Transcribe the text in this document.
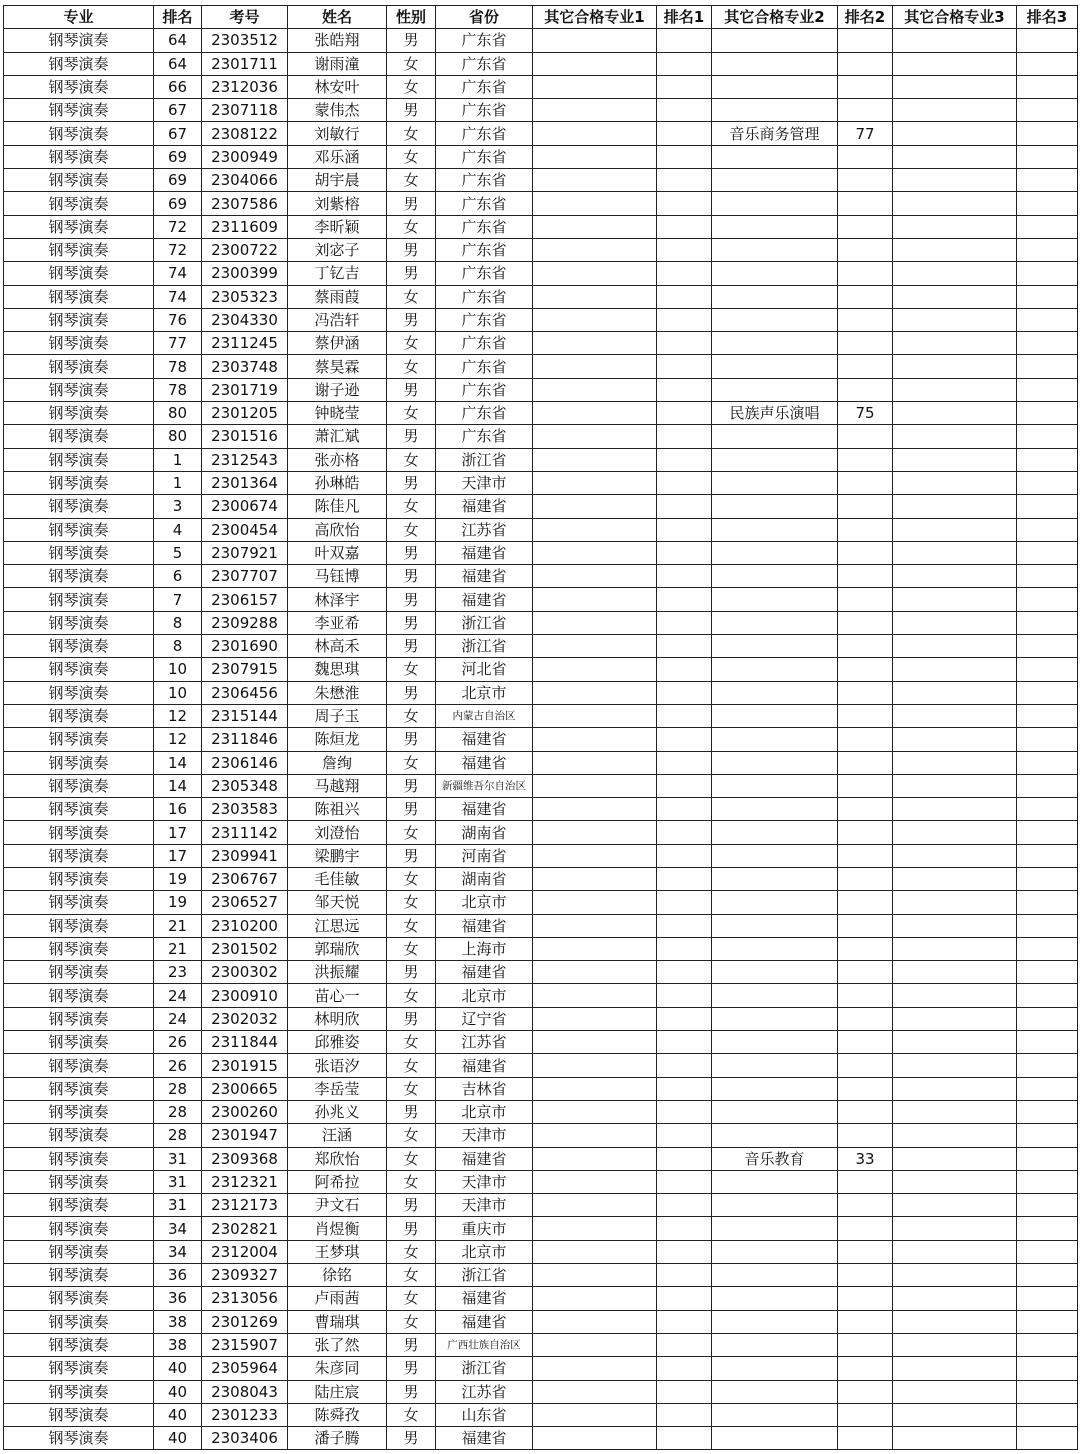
专业	排名	考号	姓名	性别	省份	其它合格专业1	排名1	其它合格专业2	排名2	其它合格专业3	排名3
钢琴演奏	64	2303512	张皓翔	男	广东省						
钢琴演奏	64	2301711	谢雨潼	女	广东省						
钢琴演奏	66	2312036	林安叶	女	广东省						
钢琴演奏	67	2307118	蒙伟杰	男	广东省						
钢琴演奏	67	2308122	刘敏行	女	广东省			音乐商务管理	77		
钢琴演奏	69	2300949	邓乐涵	女	广东省						
钢琴演奏	69	2304066	胡宇晨	女	广东省						
钢琴演奏	69	2307586	刘紫榕	男	广东省						
钢琴演奏	72	2311609	李昕颖	女	广东省						
钢琴演奏	72	2300722	刘宓子	男	广东省						
钢琴演奏	74	2300399	丁钇吉	男	广东省						
钢琴演奏	74	2305323	蔡雨葭	女	广东省						
钢琴演奏	76	2304330	冯浩轩	男	广东省						
钢琴演奏	77	2311245	蔡伊涵	女	广东省						
钢琴演奏	78	2303748	蔡昊霖	女	广东省						
钢琴演奏	78	2301719	谢子逊	男	广东省						
钢琴演奏	80	2301205	钟晓莹	女	广东省			民族声乐演唱	75		
钢琴演奏	80	2301516	萧汇斌	男	广东省						
钢琴演奏	1	2312543	张亦格	女	浙江省						
钢琴演奏	1	2301364	孙琳皓	男	天津市						
钢琴演奏	3	2300674	陈佳凡	女	福建省						
钢琴演奏	4	2300454	高欣怡	女	江苏省						
钢琴演奏	5	2307921	叶双嘉	男	福建省						
钢琴演奏	6	2307707	马钰博	男	福建省						
钢琴演奏	7	2306157	林泽宇	男	福建省						
钢琴演奏	8	2309288	李亚希	男	浙江省						
钢琴演奏	8	2301690	林高禾	男	浙江省						
钢琴演奏	10	2307915	魏思琪	女	河北省						
钢琴演奏	10	2306456	朱懋淮	男	北京市						
钢琴演奏	12	2315144	周子玉	女	内蒙古自治区						
钢琴演奏	12	2311846	陈烜龙	男	福建省						
钢琴演奏	14	2306146	詹绚	女	福建省						
钢琴演奏	14	2305348	马越翔	男	新疆维吾尔自治区						
钢琴演奏	16	2303583	陈祖兴	男	福建省						
钢琴演奏	17	2311142	刘澄怡	女	湖南省						
钢琴演奏	17	2309941	梁鹏宇	男	河南省						
钢琴演奏	19	2306767	毛佳敏	女	湖南省						
钢琴演奏	19	2306527	邹天悦	女	北京市						
钢琴演奏	21	2310200	江思远	女	福建省						
钢琴演奏	21	2301502	郭瑞欣	女	上海市						
钢琴演奏	23	2300302	洪振耀	男	福建省						
钢琴演奏	24	2300910	苗心一	女	北京市						
钢琴演奏	24	2302032	林明欣	男	辽宁省						
钢琴演奏	26	2311844	邱雅姿	女	江苏省						
钢琴演奏	26	2301915	张语汐	女	福建省						
钢琴演奏	28	2300665	李岳莹	女	吉林省						
钢琴演奏	28	2300260	孙兆义	男	北京市						
钢琴演奏	28	2301947	汪涵	女	天津市						
钢琴演奏	31	2309368	郑欣怡	女	福建省			音乐教育	33		
钢琴演奏	31	2312321	阿希拉	女	天津市						
钢琴演奏	31	2312173	尹文石	男	天津市						
钢琴演奏	34	2302821	肖煜衡	男	重庆市						
钢琴演奏	34	2312004	王梦琪	女	北京市						
钢琴演奏	36	2309327	徐铭	女	浙江省						
钢琴演奏	36	2313056	卢雨茜	女	福建省						
钢琴演奏	38	2301269	曹瑞琪	女	福建省						
钢琴演奏	38	2315907	张了然	男	广西壮族自治区						
钢琴演奏	40	2305964	朱彦同	男	浙江省						
钢琴演奏	40	2308043	陆庄宸	男	江苏省						
钢琴演奏	40	2301233	陈舜孜	女	山东省						
钢琴演奏	40	2303406	潘子腾	男	福建省						
